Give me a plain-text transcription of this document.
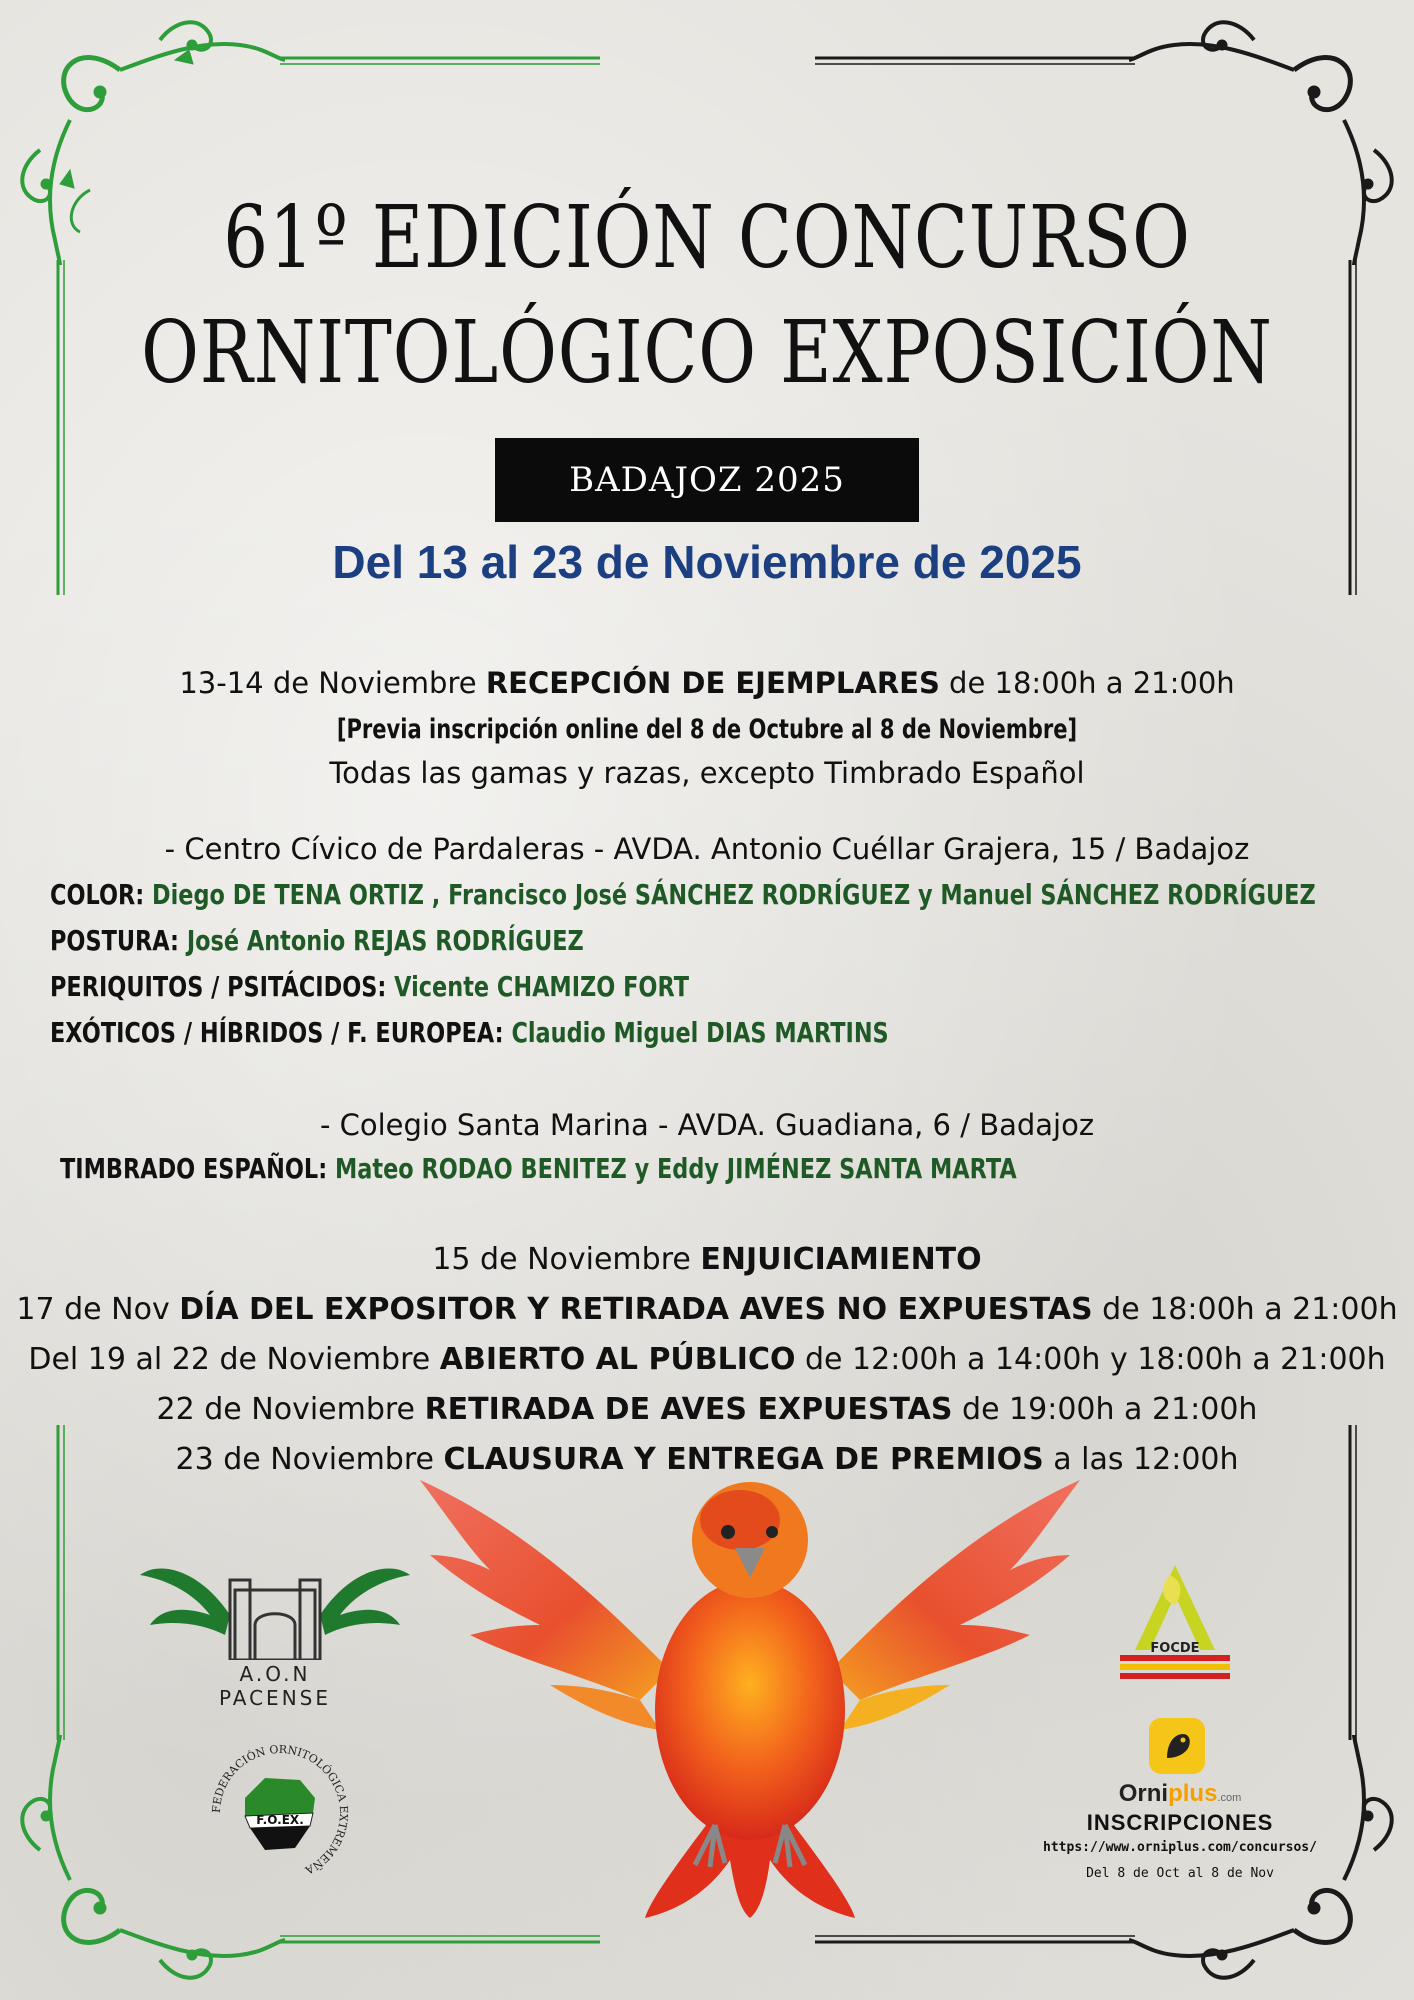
61º EDICIÓN CONCURSO
ORNITOLÓGICO EXPOSICIÓN
BADAJOZ 2025
Del 13 al 23 de Noviembre de 2025
13-14 de Noviembre RECEPCIÓN DE EJEMPLARES de 18:00h a 21:00h
[Previa inscripción online del 8 de Octubre al 8 de Noviembre]
Todas las gamas y razas, excepto Timbrado Español
- Centro Cívico de Pardaleras - AVDA. Antonio Cuéllar Grajera, 15 / Badajoz
COLOR: Diego DE TENA ORTIZ , Francisco José SÁNCHEZ RODRÍGUEZ y Manuel SÁNCHEZ RODRÍGUEZ
POSTURA: José Antonio REJAS RODRÍGUEZ
PERIQUITOS / PSITÁCIDOS: Vicente CHAMIZO FORT
EXÓTICOS / HÍBRIDOS / F. EUROPEA: Claudio Miguel DIAS MARTINS
- Colegio Santa Marina - AVDA. Guadiana, 6 / Badajoz
TIMBRADO ESPAÑOL: Mateo RODAO BENITEZ y Eddy JIMÉNEZ SANTA MARTA
15 de Noviembre ENJUICIAMIENTO
17 de Nov DÍA DEL EXPOSITOR Y RETIRADA AVES NO EXPUESTAS de 18:00h a 21:00h
Del 19 al 22 de Noviembre ABIERTO AL PÚBLICO de 12:00h a 14:00h y 18:00h a 21:00h
22 de Noviembre RETIRADA DE AVES EXPUESTAS de 19:00h a 21:00h
23 de Noviembre CLAUSURA Y ENTREGA DE PREMIOS a las 12:00h
A.O.N
PACENSE
FEDERACIÓN ORNITOLÓGICA EXTREMEÑA
F.O.EX.
FOCDE
Orniplus.com
INSCRIPCIONES
https://www.orniplus.com/concursos/
Del 8 de Oct al 8 de Nov
